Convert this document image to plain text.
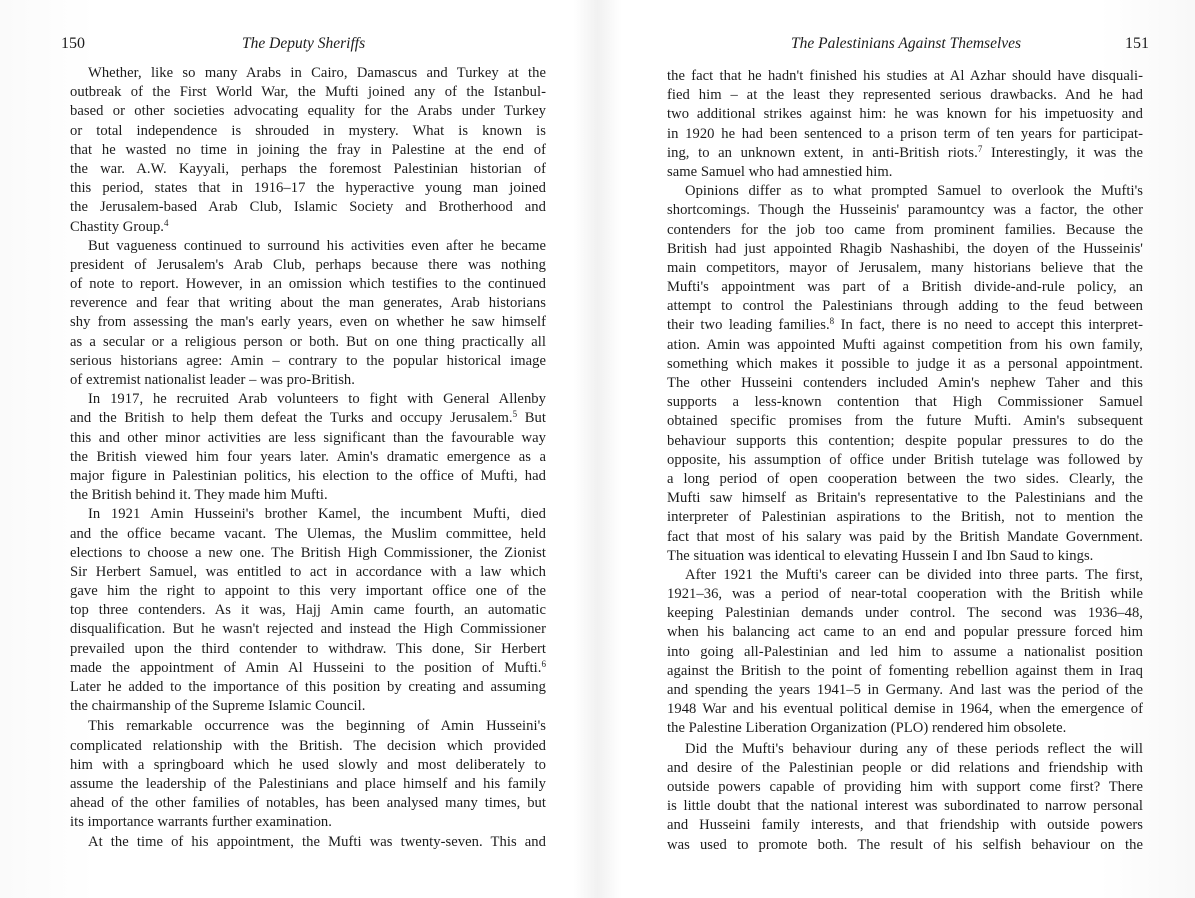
150	The Deputy Sheriffs
Whether, like so many Arabs in Cairo, Damascus and Turkey at the
outbreak of the First World War, the Mufti joined any of the Istanbul-
based or other societies advocating equality for the Arabs under Turkey
or total independence is shrouded in mystery. What is known is
that he wasted no time in joining the fray in Palestine at the end of
the war. A.W. Kayyali, perhaps the foremost Palestinian historian of
this period, states that in 1916–17 the hyperactive young man joined
the Jerusalem-based Arab Club, Islamic Society and Brotherhood and
Chastity Group.$^4$
But vagueness continued to surround his activities even after he became
president of Jerusalem's Arab Club, perhaps because there was nothing
of note to report. However, in an omission which testifies to the continued
reverence and fear that writing about the man generates, Arab historians
shy from assessing the man's early years, even on whether he saw himself
as a secular or a religious person or both. But on one thing practically all
serious historians agree: Amin – contrary to the popular historical image
of extremist nationalist leader – was pro-British.
In 1917, he recruited Arab volunteers to fight with General Allenby
and the British to help them defeat the Turks and occupy Jerusalem.$^5$ But
this and other minor activities are less significant than the favourable way
the British viewed him four years later. Amin's dramatic emergence as a
major figure in Palestinian politics, his election to the office of Mufti, had
the British behind it. They made him Mufti.
In 1921 Amin Husseini's brother Kamel, the incumbent Mufti, died
and the office became vacant. The Ulemas, the Muslim committee, held
elections to choose a new one. The British High Commissioner, the Zionist
Sir Herbert Samuel, was entitled to act in accordance with a law which
gave him the right to appoint to this very important office one of the
top three contenders. As it was, Hajj Amin came fourth, an automatic
disqualification. But he wasn't rejected and instead the High Commissioner
prevailed upon the third contender to withdraw. This done, Sir Herbert
made the appointment of Amin Al Husseini to the position of Mufti.$^6$
Later he added to the importance of this position by creating and assuming
the chairmanship of the Supreme Islamic Council.
This remarkable occurrence was the beginning of Amin Husseini's
complicated relationship with the British. The decision which provided
him with a springboard which he used slowly and most deliberately to
assume the leadership of the Palestinians and place himself and his family
ahead of the other families of notables, has been analysed many times, but
its importance warrants further examination.
At the time of his appointment, the Mufti was twenty-seven. This and
The Palestinians Against Themselves	151
the fact that he hadn't finished his studies at Al Azhar should have disquali-
fied him – at the least they represented serious drawbacks. And he had
two additional strikes against him: he was known for his impetuosity and
in 1920 he had been sentenced to a prison term of ten years for participat-
ing, to an unknown extent, in anti-British riots.$^7$ Interestingly, it was the
same Samuel who had amnestied him.
Opinions differ as to what prompted Samuel to overlook the Mufti's
shortcomings. Though the Husseinis' paramountcy was a factor, the other
contenders for the job too came from prominent families. Because the
British had just appointed Rhagib Nashashibi, the doyen of the Husseinis'
main competitors, mayor of Jerusalem, many historians believe that the
Mufti's appointment was part of a British divide-and-rule policy, an
attempt to control the Palestinians through adding to the feud between
their two leading families.$^8$ In fact, there is no need to accept this interpret-
ation. Amin was appointed Mufti against competition from his own family,
something which makes it possible to judge it as a personal appointment.
The other Husseini contenders included Amin's nephew Taher and this
supports a less-known contention that High Commissioner Samuel
obtained specific promises from the future Mufti. Amin's subsequent
behaviour supports this contention; despite popular pressures to do the
opposite, his assumption of office under British tutelage was followed by
a long period of open cooperation between the two sides. Clearly, the
Mufti saw himself as Britain's representative to the Palestinians and the
interpreter of Palestinian aspirations to the British, not to mention the
fact that most of his salary was paid by the British Mandate Government.
The situation was identical to elevating Hussein I and Ibn Saud to kings.
After 1921 the Mufti's career can be divided into three parts. The first,
1921–36, was a period of near-total cooperation with the British while
keeping Palestinian demands under control. The second was 1936–48,
when his balancing act came to an end and popular pressure forced him
into going all-Palestinian and led him to assume a nationalist position
against the British to the point of fomenting rebellion against them in Iraq
and spending the years 1941–5 in Germany. And last was the period of the
1948 War and his eventual political demise in 1964, when the emergence of
the Palestine Liberation Organization (PLO) rendered him obsolete.
Did the Mufti's behaviour during any of these periods reflect the will
and desire of the Palestinian people or did relations and friendship with
outside powers capable of providing him with support come first? There
is little doubt that the national interest was subordinated to narrow personal
and Husseini family interests, and that friendship with outside powers
was used to promote both. The result of his selfish behaviour on the
